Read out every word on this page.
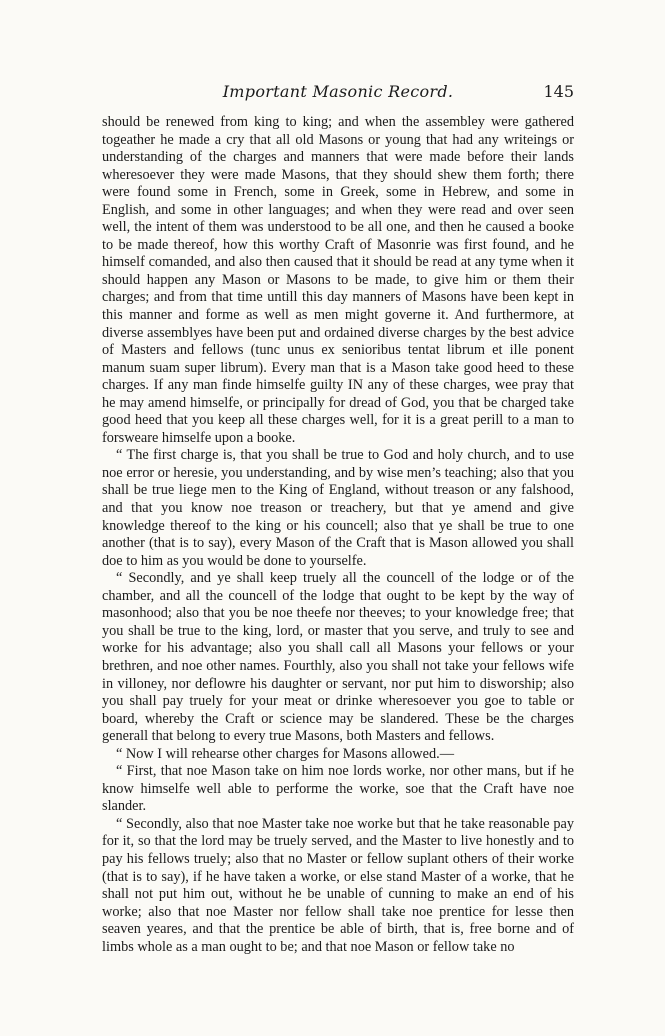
Important Masonic Record.	145

should be renewed from king to king; and when the assembley were gathered togeather he made a cry that all old Masons or young that had any writeings or understanding of the charges and manners that were made before their lands wheresoever they were made Masons, that they should shew them forth; there were found some in French, some in Greek, some in Hebrew, and some in English, and some in other languages; and when they were read and over seen well, the intent of them was understood to be all one, and then he caused a booke to be made thereof, how this worthy Craft of Masonrie was first found, and he himself comanded, and also then caused that it should be read at any tyme when it should happen any Mason or Masons to be made, to give him or them their charges; and from that time untill this day manners of Masons have been kept in this manner and forme as well as men might governe it. And furthermore, at diverse assemblyes have been put and ordained diverse charges by the best advice of Masters and fellows (tunc unus ex senioribus tentat librum et ille ponent manum suam super librum). Every man that is a Mason take good heed to these charges. If any man finde himselfe guilty IN any of these charges, wee pray that he may amend himselfe, or principally for dread of God, you that be charged take good heed that you keep all these charges well, for it is a great perill to a man to forsweare himselfe upon a booke.

“ The first charge is, that you shall be true to God and holy church, and to use noe error or heresie, you understanding, and by wise men’s teaching; also that you shall be true liege men to the King of England, without treason or any falshood, and that you know noe treason or treachery, but that ye amend and give knowledge thereof to the king or his councell; also that ye shall be true to one another (that is to say), every Mason of the Craft that is Mason allowed you shall doe to him as you would be done to yourselfe.

“ Secondly, and ye shall keep truely all the councell of the lodge or of the chamber, and all the councell of the lodge that ought to be kept by the way of masonhood; also that you be noe theefe nor theeves; to your knowledge free; that you shall be true to the king, lord, or master that you serve, and truly to see and worke for his advantage; also you shall call all Masons your fellows or your brethren, and noe other names. Fourthly, also you shall not take your fellows wife in villoney, nor deflowre his daughter or servant, nor put him to disworship; also you shall pay truely for your meat or drinke wheresoever you goe to table or board, whereby the Craft or science may be slandered. These be the charges generall that belong to every true Masons, both Masters and fellows.

“ Now I will rehearse other charges for Masons allowed.—

“ First, that noe Mason take on him noe lords worke, nor other mans, but if he know himselfe well able to performe the worke, soe that the Craft have noe slander.

“ Secondly, also that noe Master take noe worke but that he take reasonable pay for it, so that the lord may be truely served, and the Master to live honestly and to pay his fellows truely; also that no Master or fellow suplant others of their worke (that is to say), if he have taken a worke, or else stand Master of a worke, that he shall not put him out, without he be unable of cunning to make an end of his worke; also that noe Master nor fellow shall take noe prentice for lesse then seaven yeares, and that the prentice be able of birth, that is, free borne and of limbs whole as a man ought to be; and that noe Mason or fellow take no
